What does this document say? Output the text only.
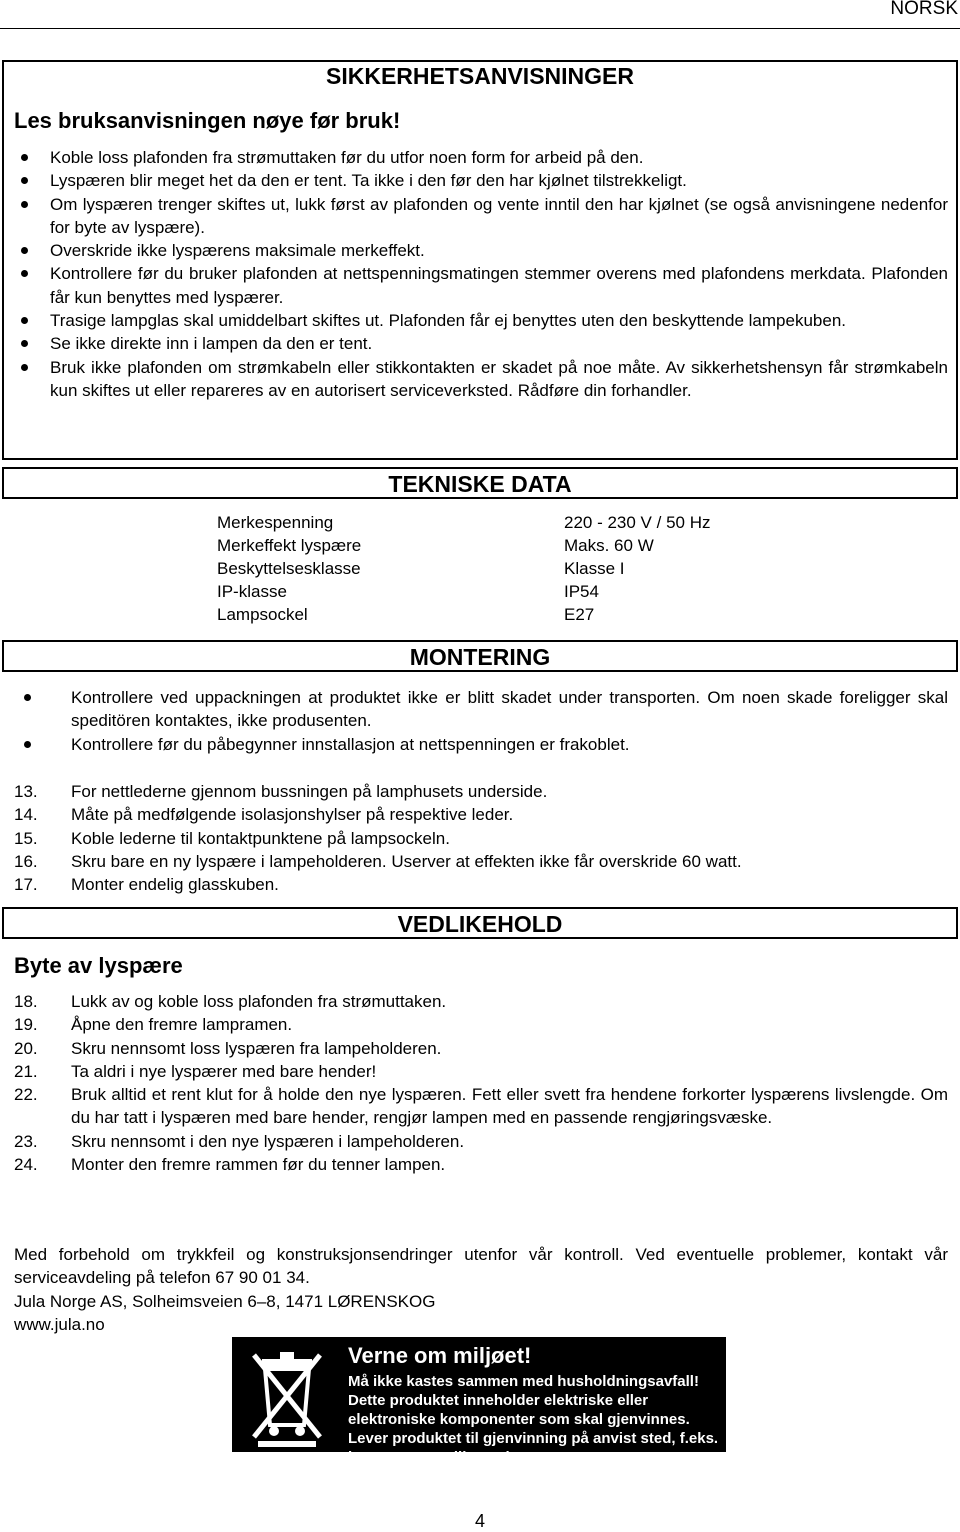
NORSK
SIKKERHETSANVISNINGER
Les bruksanvisningen nøye før bruk!
Koble loss plafonden fra strømuttaken før du utfor noen form for arbeid på den.
Lyspæren blir meget het da den er tent. Ta ikke i den før den har kjølnet tilstrekkeligt.
Om lyspæren trenger skiftes ut, lukk først av plafonden og vente inntil den har kjølnet (se også anvisningene nedenfor for byte av lyspære).
Overskride ikke lyspærens maksimale merkeffekt.
Kontrollere før du bruker plafonden at nettspenningsmatingen stemmer overens med plafondens merkdata. Plafonden får kun benyttes med lyspærer.
Trasige lampglas skal umiddelbart skiftes ut. Plafonden får ej benyttes uten den beskyttende lampekuben.
Se ikke direkte inn i lampen da den er tent.
Bruk ikke plafonden om strømkabeln eller stikkontakten er skadet på noe måte. Av sikkerhetshensyn får strømkabeln kun skiftes ut eller repareres av en autorisert serviceverksted. Rådføre din forhandler.
TEKNISKE DATA
Merkespenning	220 - 230 V / 50 Hz
Merkeffekt lyspære	Maks. 60 W
Beskyttelsesklasse	Klasse I
IP-klasse	IP54
Lampsockel	E27
MONTERING
Kontrollere ved uppackningen at produktet ikke er blitt skadet under transporten. Om noen skade foreligger skal speditören kontaktes, ikke produsenten.
Kontrollere før du påbegynner innstallasjon at nettspenningen er frakoblet.
13. For nettlederne gjennom bussningen på lamphusets underside.
14. Måte på medfølgende isolasjonshylser på respektive leder.
15. Koble lederne til kontaktpunktene på lampsockeln.
16. Skru bare en ny lyspære i lampeholderen. Userver at effekten ikke får overskride 60 watt.
17. Monter endelig glasskuben.
VEDLIKEHOLD
Byte av lyspære
18. Lukk av og koble loss plafonden fra strømuttaken.
19. Åpne den fremre lampramen.
20. Skru nennsomt loss lyspæren fra lampeholderen.
21. Ta aldri i nye lyspærer med bare hender!
22. Bruk alltid et rent klut for å holde den nye lyspæren. Fett eller svett fra hendene forkorter lyspærens livslengde. Om du har tatt i lyspæren med bare hender, rengjør lampen med en passende rengjøringsvæske.
23. Skru nennsomt i den nye lyspæren i lampeholderen.
24. Monter den fremre rammen før du tenner lampen.

Med forbehold om trykkfeil og konstruksjonsendringer utenfor vår kontroll. Ved eventuelle problemer, kontakt vår serviceavdeling på telefon 67 90 01 34.

Jula Norge AS, Solheimsveien 6–8, 1471 LØRENSKOG

www.jula.no

Verne om miljøet!
Må ikke kastes sammen med husholdningsavfall!
Dette produktet inneholder elektriske eller
elektroniske komponenter som skal gjenvinnes.
Lever produktet til gjenvinning på anvist sted, f.eks.
kommunens miljøstasjon.
4
